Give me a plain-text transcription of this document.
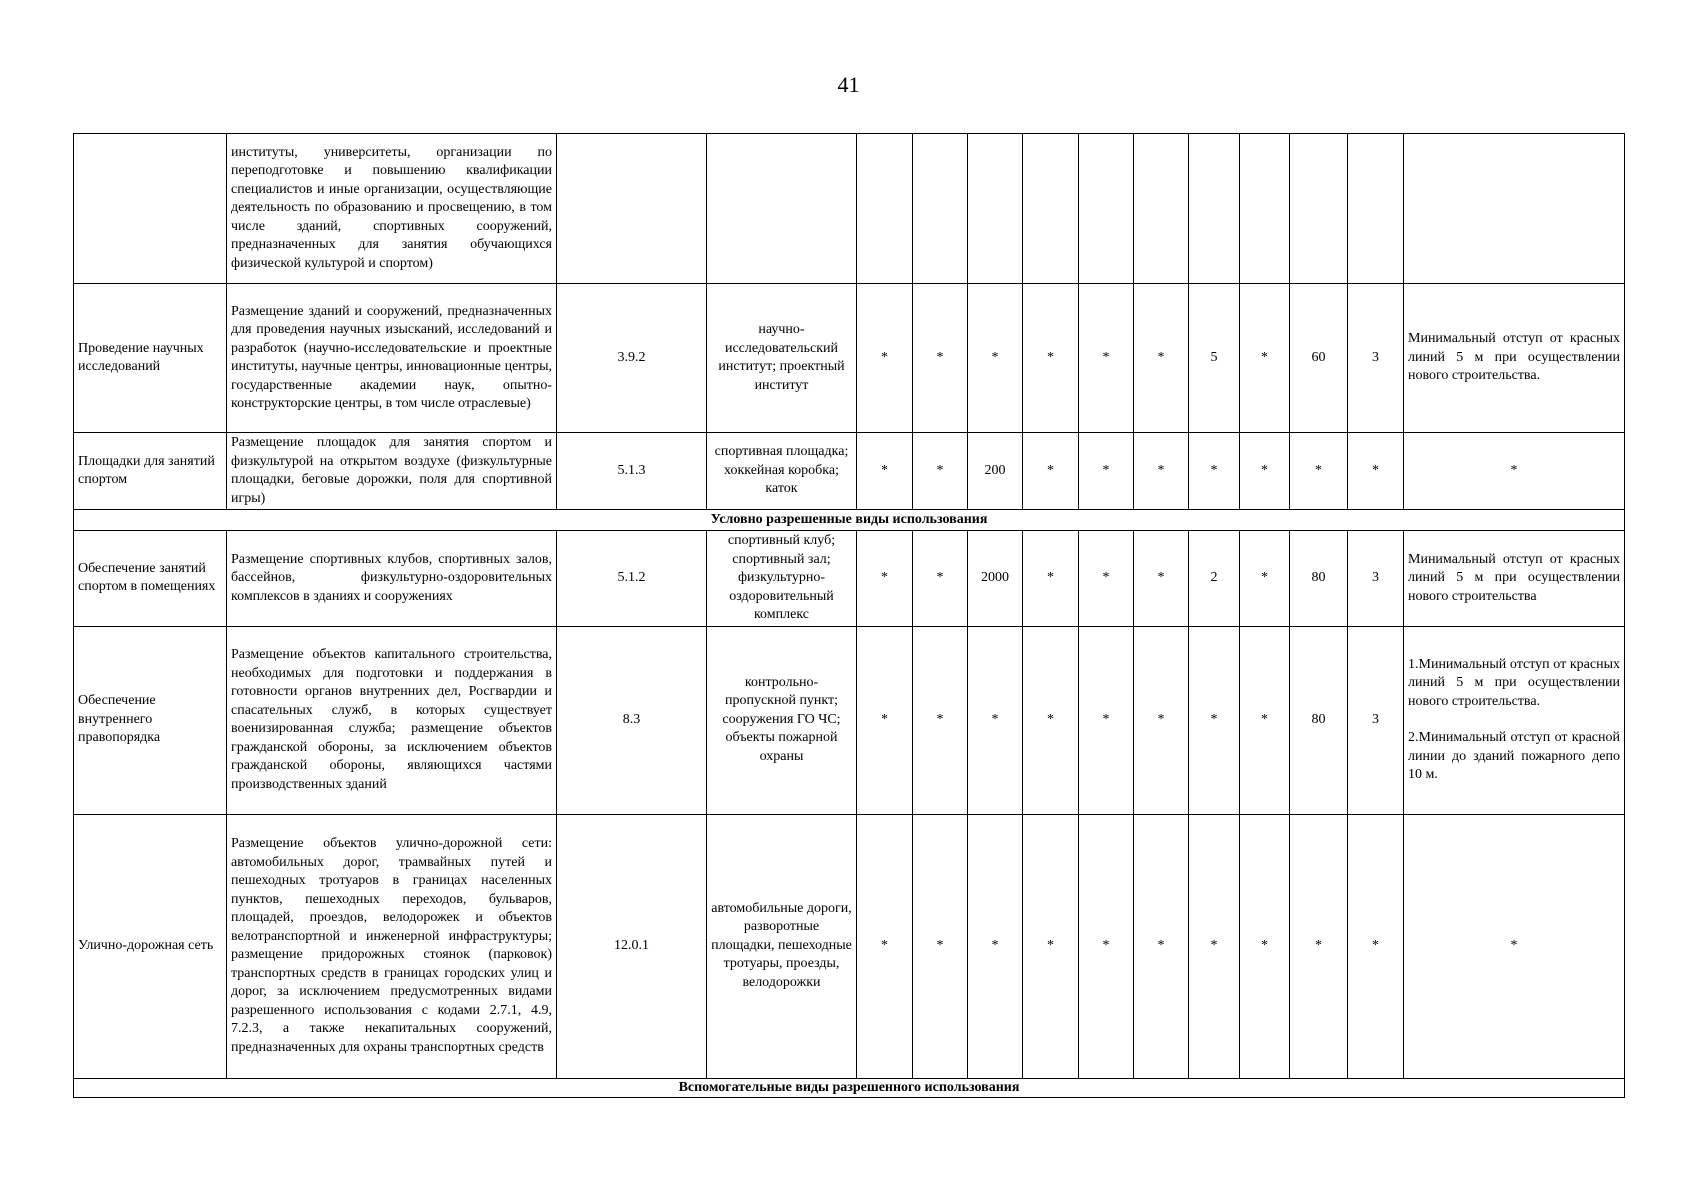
41
	институты, университеты, организации по переподготовке и повышению квалификации специалистов и иные организации, осуществляющие деятельность по образованию и просвещению, в том числе зданий, спортивных сооружений, предназначенных для занятия обучающихся физической культурой и спортом)													
Проведение научных исследований	Размещение зданий и сооружений, предназначенных для проведения научных изысканий, исследований и разработок (научно-исследовательские и проектные институты, научные центры, инновационные центры, государственные академии наук, опытно-конструкторские центры, в том числе отраслевые)	3.9.2	научно-исследовательский институт; проектный институт	*	*	*	*	*	*	5	*	60	3	Минимальный отступ от красных линий 5 м при осуществлении нового строительства.

Площадки для занятий спортом	Размещение площадок для занятия спортом и физкультурой на открытом воздухе (физкультурные площадки, беговые дорожки, поля для спортивной игры)	5.1.3	спортивная площадка; хоккейная коробка; каток	*	*	200	*	*	*	*	*	*	*	*

Условно разрешенные виды использования														
Обеспечение занятий спортом в помещениях	Размещение спортивных клубов, спортивных залов, бассейнов, физкультурно-оздоровительных комплексов в зданиях и сооружениях	5.1.2	спортивный клуб; спортивный зал; физкультурно-оздоровительный комплекс	*	*	2000	*	*	*	2	*	80	3	Минимальный отступ от красных линий 5 м при осуществлении нового строительства

Обеспечение внутреннего правопорядка	Размещение объектов капитального строительства, необходимых для подготовки и поддержания в готовности органов внутренних дел, Росгвардии и спасательных служб, в которых существует военизированная служба; размещение объектов гражданской обороны, за исключением объектов гражданской обороны, являющихся частями производственных зданий	8.3	контрольно-пропускной пункт; сооружения ГО ЧС; объекты пожарной охраны	*	*	*	*	*	*	*	*	80	3	1.Минимальный отступ от красных линий 5 м при осуществлении нового строительства.

2.Минимальный отступ от красной линии до зданий пожарного депо 10 м.

Улично-дорожная сеть	Размещение объектов улично-дорожной сети: автомобильных дорог, трамвайных путей и пешеходных тротуаров в границах населенных пунктов, пешеходных переходов, бульваров, площадей, проездов, велодорожек и объектов велотранспортной и инженерной инфраструктуры; размещение придорожных стоянок (парковок) транспортных средств в границах городских улиц и дорог, за исключением предусмотренных видами разрешенного использования с кодами 2.7.1, 4.9, 7.2.3, а также некапитальных сооружений, предназначенных для охраны транспортных средств	12.0.1	автомобильные дороги, разворотные площадки, пешеходные тротуары, проезды, велодорожки	*	*	*	*	*	*	*	*	*	*	*

Вспомогательные виды разрешенного использования														
